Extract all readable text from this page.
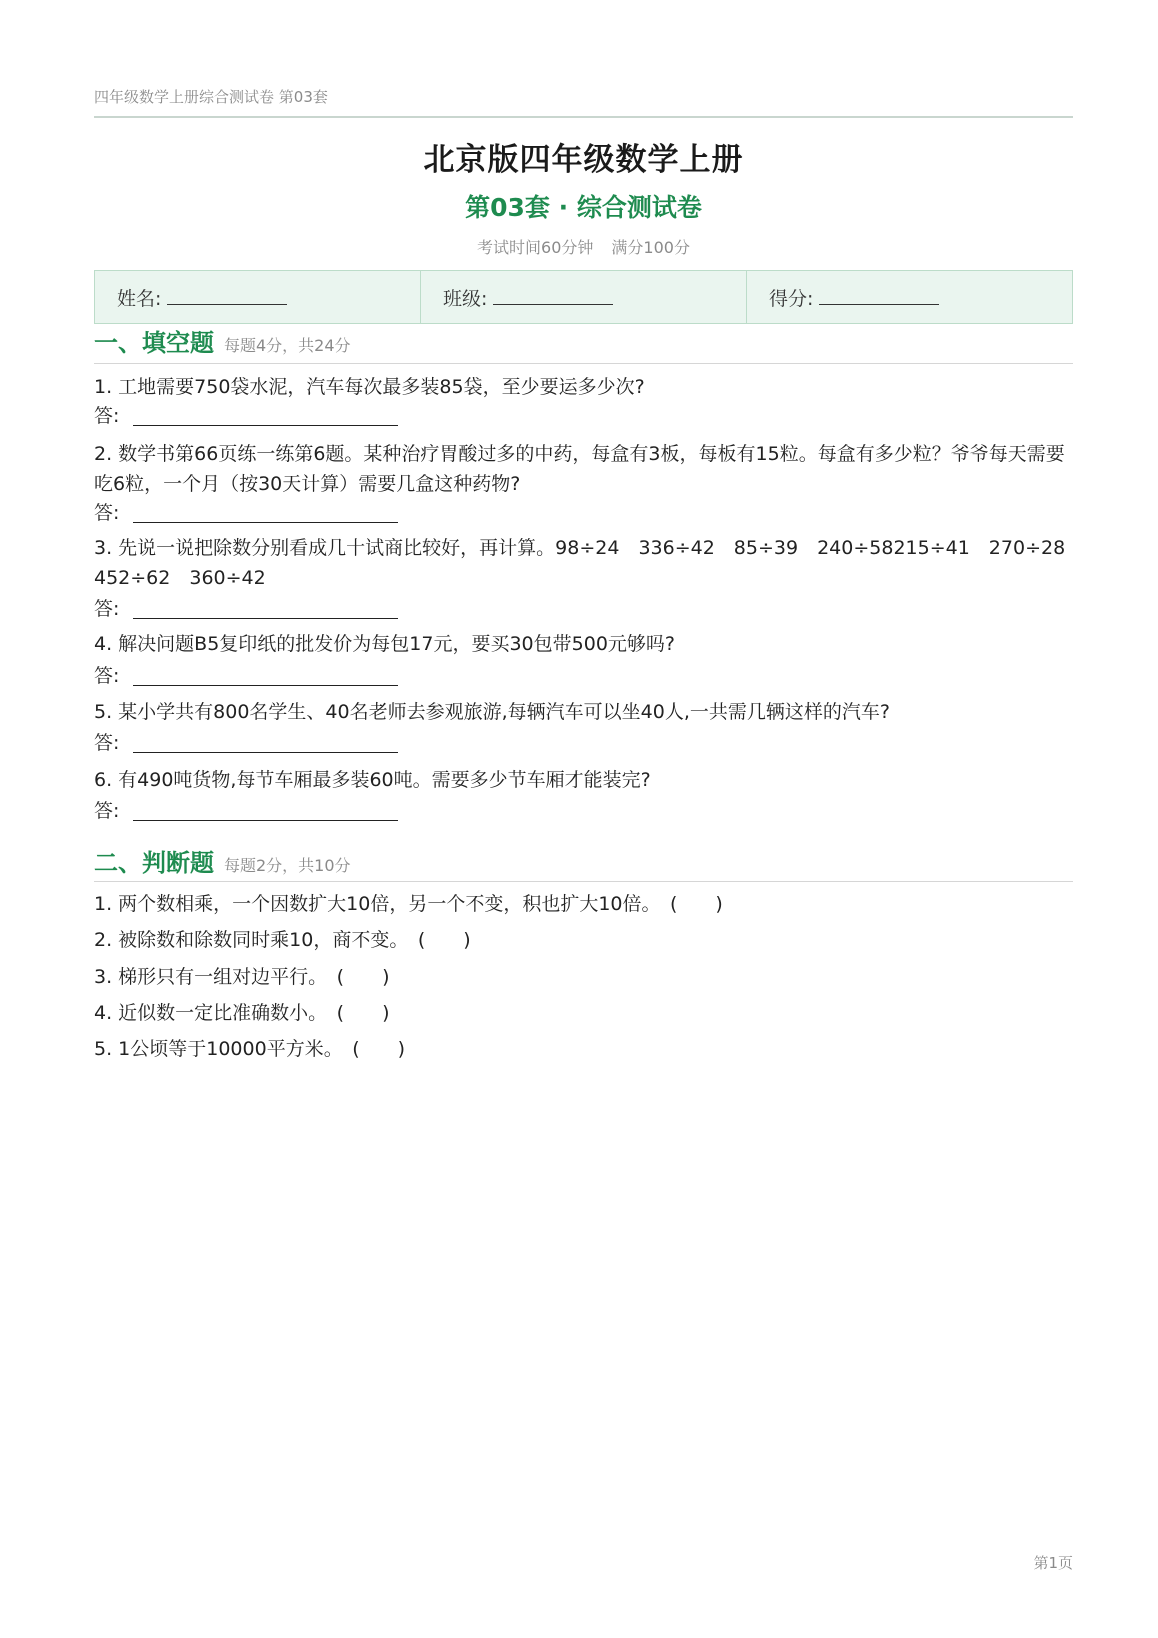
四年级数学上册综合测试卷 第03套
北京版四年级数学上册
第03套 · 综合测试卷
考试时间60分钟 满分100分
姓名:	班级:	得分:
一、填空题 每题4分，共24分
1. 工地需要750袋水泥，汽车每次最多装85袋，至少要运多少次?
答:
2. 数学书第66页练一练第6题。某种治疗胃酸过多的中药，每盒有3板，每板有15粒。每盒有多少粒？爷爷每天需要吃6粒，一个月（按30天计算）需要几盒这种药物?
答:
3. 先说一说把除数分别看成几十试商比较好，再计算。98÷24　336÷42　85÷39　240÷58215÷41　270÷28 452÷62　360÷42
答:
4. 解决问题B5复印纸的批发价为每包17元，要买30包带500元够吗?
答:
5. 某小学共有800名学生、40名老师去参观旅游,每辆汽车可以坐40人,一共需几辆这样的汽车?
答:
6. 有490吨货物,每节车厢最多装60吨。需要多少节车厢才能装完?
答:
二、判断题 每题2分，共10分
1. 两个数相乘，一个因数扩大10倍，另一个不变，积也扩大10倍。　(　　)
2. 被除数和除数同时乘10，商不变。　(　　)
3. 梯形只有一组对边平行。　(　　)
4. 近似数一定比准确数小。　(　　)
5. 1公顷等于10000平方米。　(　　)
第1页
